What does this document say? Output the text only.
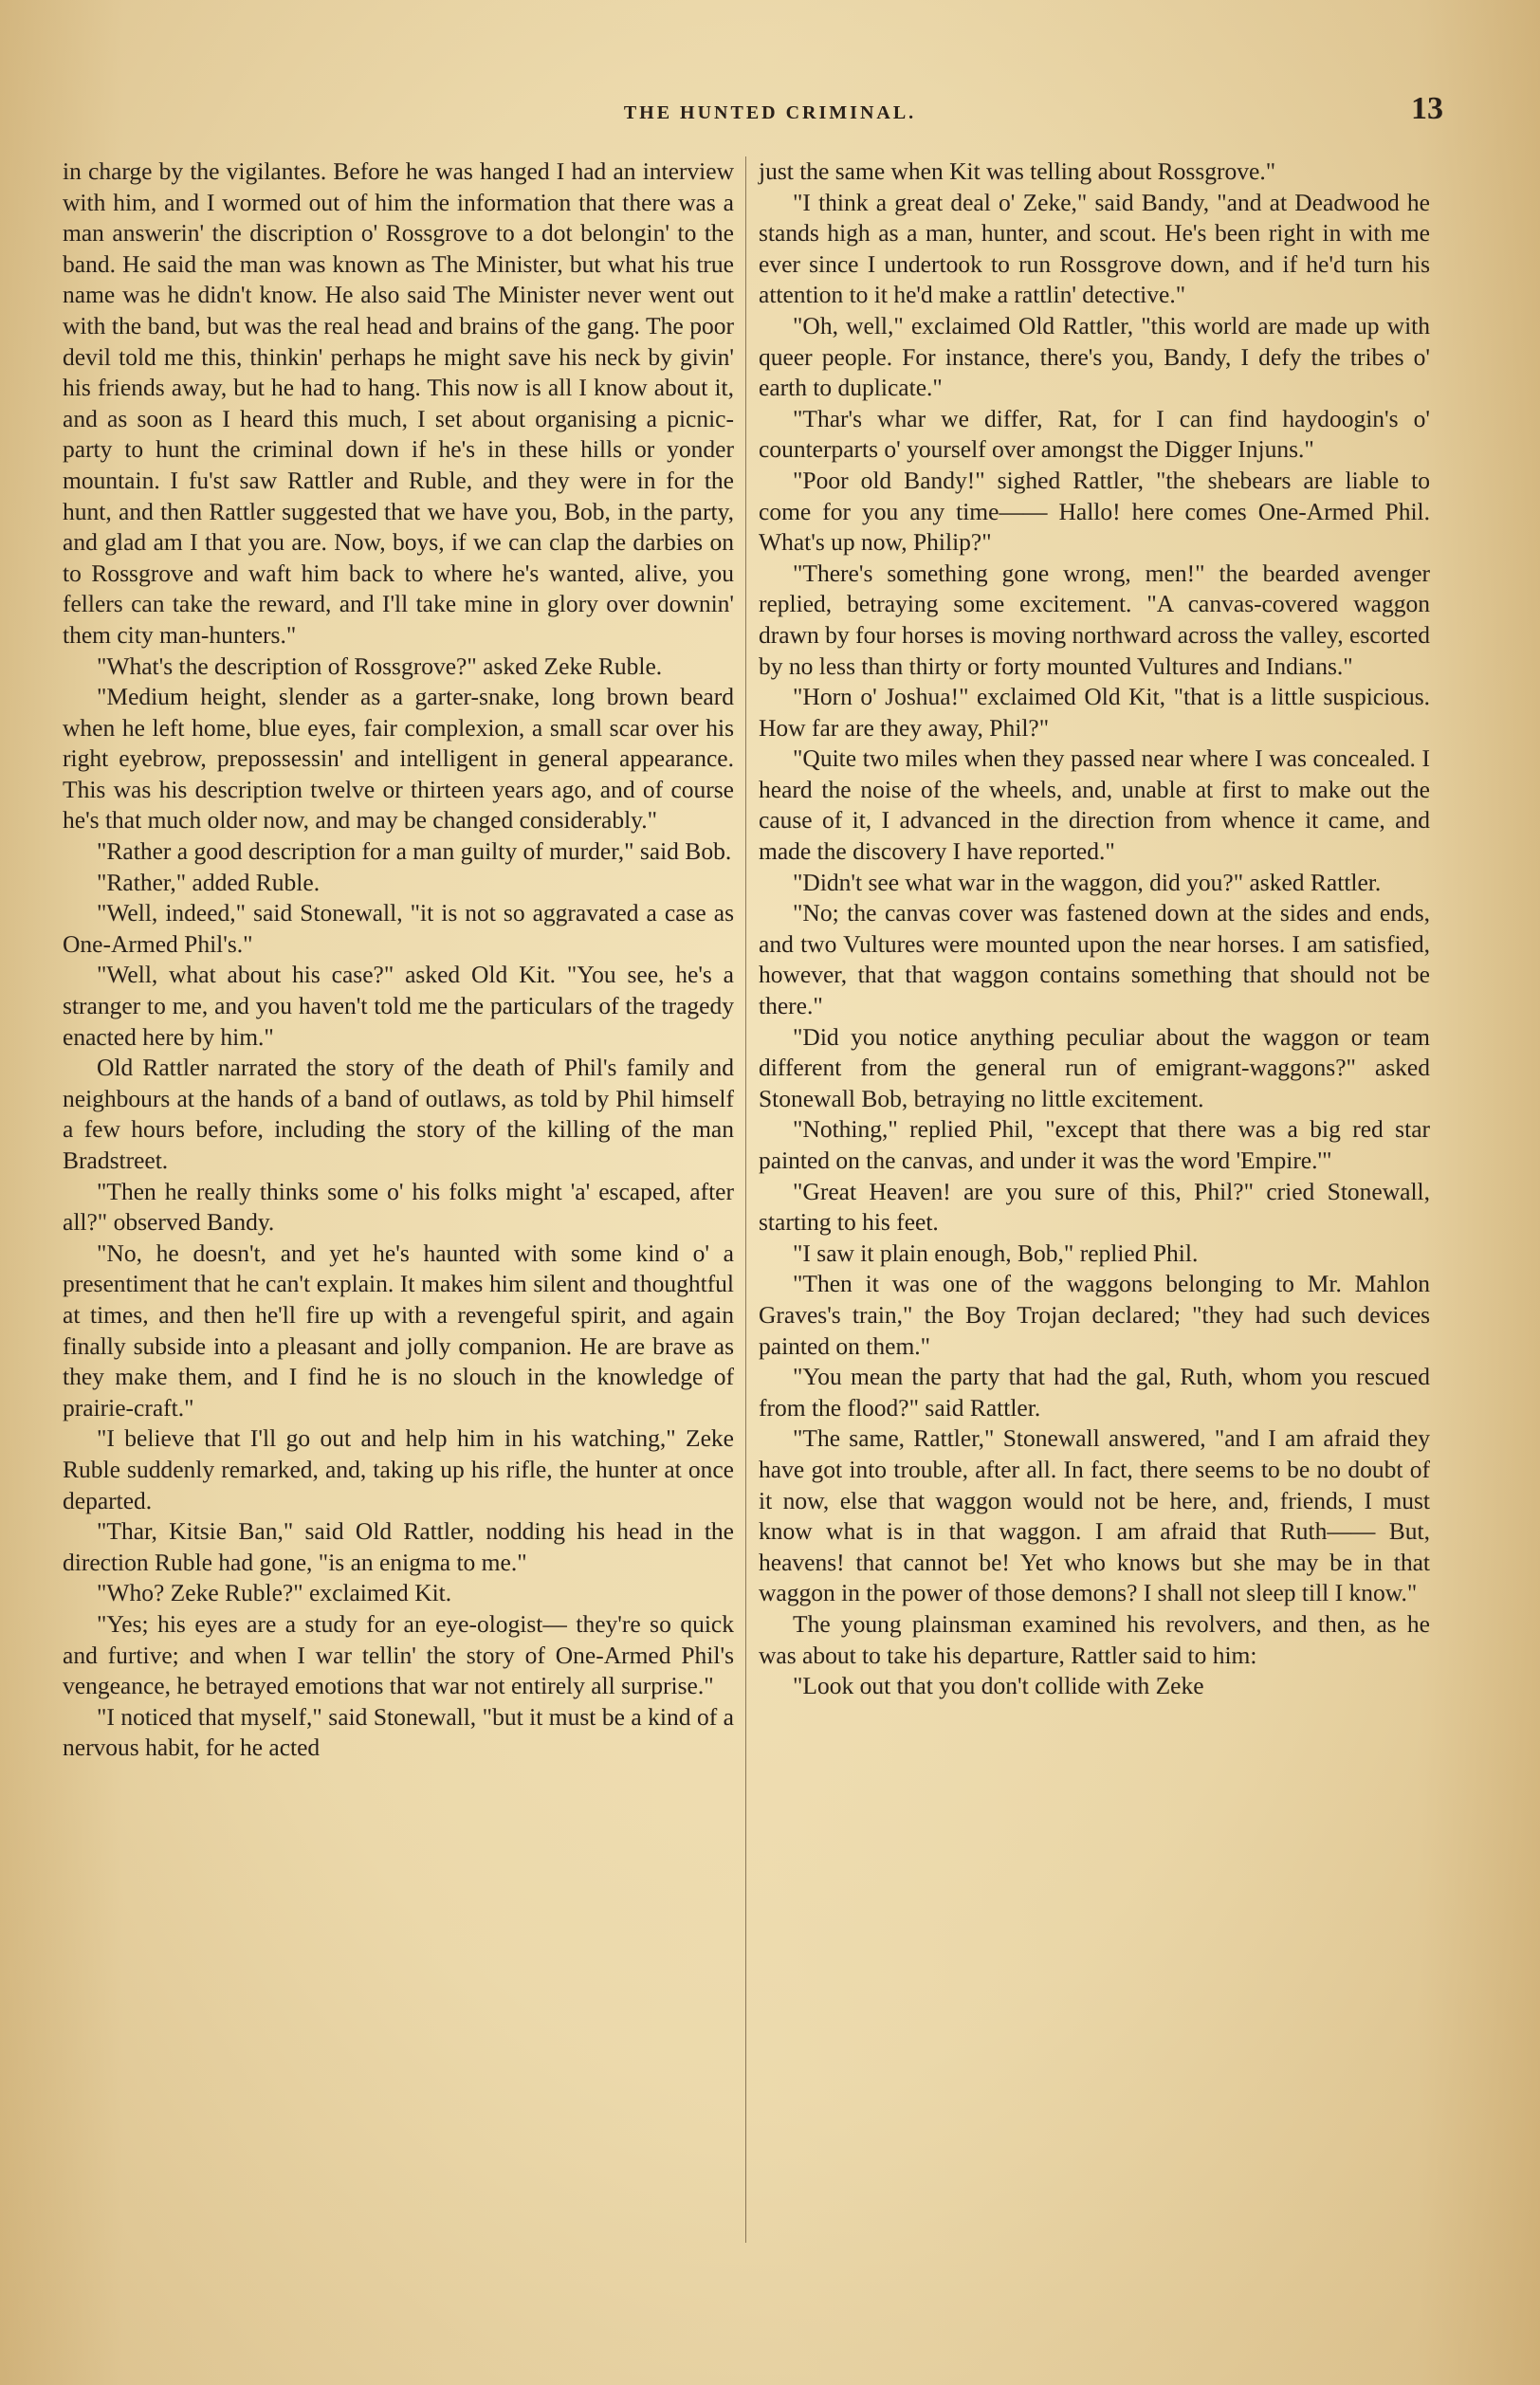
THE HUNTED CRIMINAL.	13

in charge by the vigilantes. Before he was hanged I had an interview with him, and I wormed out of him the information that there was a man answerin' the discription o' Rossgrove to a dot belongin' to the band. He said the man was known as The Minister, but what his true name was he didn't know. He also said The Minister never went out with the band, but was the real head and brains of the gang. The poor devil told me this, thinkin' perhaps he might save his neck by givin' his friends away, but he had to hang. This now is all I know about it, and as soon as I heard this much, I set about organising a picnic-party to hunt the criminal down if he's in these hills or yonder mountain. I fu'st saw Rattler and Ruble, and they were in for the hunt, and then Rattler suggested that we have you, Bob, in the party, and glad am I that you are. Now, boys, if we can clap the darbies on to Rossgrove and waft him back to where he's wanted, alive, you fellers can take the reward, and I'll take mine in glory over downin' them city man-hunters."

"What's the description of Rossgrove?" asked Zeke Ruble.

"Medium height, slender as a garter-snake, long brown beard when he left home, blue eyes, fair complexion, a small scar over his right eyebrow, prepossessin' and intelligent in general appearance. This was his description twelve or thirteen years ago, and of course he's that much older now, and may be changed considerably."

"Rather a good description for a man guilty of murder," said Bob.

"Rather," added Ruble.

"Well, indeed," said Stonewall, "it is not so aggravated a case as One-Armed Phil's."

"Well, what about his case?" asked Old Kit. "You see, he's a stranger to me, and you haven't told me the particulars of the tragedy enacted here by him."

Old Rattler narrated the story of the death of Phil's family and neighbours at the hands of a band of outlaws, as told by Phil himself a few hours before, including the story of the killing of the man Bradstreet.

"Then he really thinks some o' his folks might 'a' escaped, after all?" observed Bandy.

"No, he doesn't, and yet he's haunted with some kind o' a presentiment that he can't explain. It makes him silent and thoughtful at times, and then he'll fire up with a revengeful spirit, and again finally subside into a pleasant and jolly companion. He are brave as they make them, and I find he is no slouch in the knowledge of prairie-craft."

"I believe that I'll go out and help him in his watching," Zeke Ruble suddenly remarked, and, taking up his rifle, the hunter at once departed.

"Thar, Kitsie Ban," said Old Rattler, nodding his head in the direction Ruble had gone, "is an enigma to me."

"Who? Zeke Ruble?" exclaimed Kit.

"Yes; his eyes are a study for an eye-ologist— they're so quick and furtive; and when I war tellin' the story of One-Armed Phil's vengeance, he betrayed emotions that war not entirely all surprise."

"I noticed that myself," said Stonewall, "but it must be a kind of a nervous habit, for he acted

just the same when Kit was telling about Rossgrove."

"I think a great deal o' Zeke," said Bandy, "and at Deadwood he stands high as a man, hunter, and scout. He's been right in with me ever since I undertook to run Rossgrove down, and if he'd turn his attention to it he'd make a rattlin' detective."

"Oh, well," exclaimed Old Rattler, "this world are made up with queer people. For instance, there's you, Bandy, I defy the tribes o' earth to duplicate."

"Thar's whar we differ, Rat, for I can find haydoogin's o' counterparts o' yourself over amongst the Digger Injuns."

"Poor old Bandy!" sighed Rattler, "the shebears are liable to come for you any time—— Hallo! here comes One-Armed Phil. What's up now, Philip?"

"There's something gone wrong, men!" the bearded avenger replied, betraying some excitement. "A canvas-covered waggon drawn by four horses is moving northward across the valley, escorted by no less than thirty or forty mounted Vultures and Indians."

"Horn o' Joshua!" exclaimed Old Kit, "that is a little suspicious. How far are they away, Phil?"

"Quite two miles when they passed near where I was concealed. I heard the noise of the wheels, and, unable at first to make out the cause of it, I advanced in the direction from whence it came, and made the discovery I have reported."

"Didn't see what war in the waggon, did you?" asked Rattler.

"No; the canvas cover was fastened down at the sides and ends, and two Vultures were mounted upon the near horses. I am satisfied, however, that that waggon contains something that should not be there."

"Did you notice anything peculiar about the waggon or team different from the general run of emigrant-waggons?" asked Stonewall Bob, betraying no little excitement.

"Nothing," replied Phil, "except that there was a big red star painted on the canvas, and under it was the word 'Empire.'"

"Great Heaven! are you sure of this, Phil?" cried Stonewall, starting to his feet.

"I saw it plain enough, Bob," replied Phil.

"Then it was one of the waggons belonging to Mr. Mahlon Graves's train," the Boy Trojan declared; "they had such devices painted on them."

"You mean the party that had the gal, Ruth, whom you rescued from the flood?" said Rattler.

"The same, Rattler," Stonewall answered, "and I am afraid they have got into trouble, after all. In fact, there seems to be no doubt of it now, else that waggon would not be here, and, friends, I must know what is in that waggon. I am afraid that Ruth—— But, heavens! that cannot be! Yet who knows but she may be in that waggon in the power of those demons? I shall not sleep till I know."

The young plainsman examined his revolvers, and then, as he was about to take his departure, Rattler said to him:

"Look out that you don't collide with Zeke
